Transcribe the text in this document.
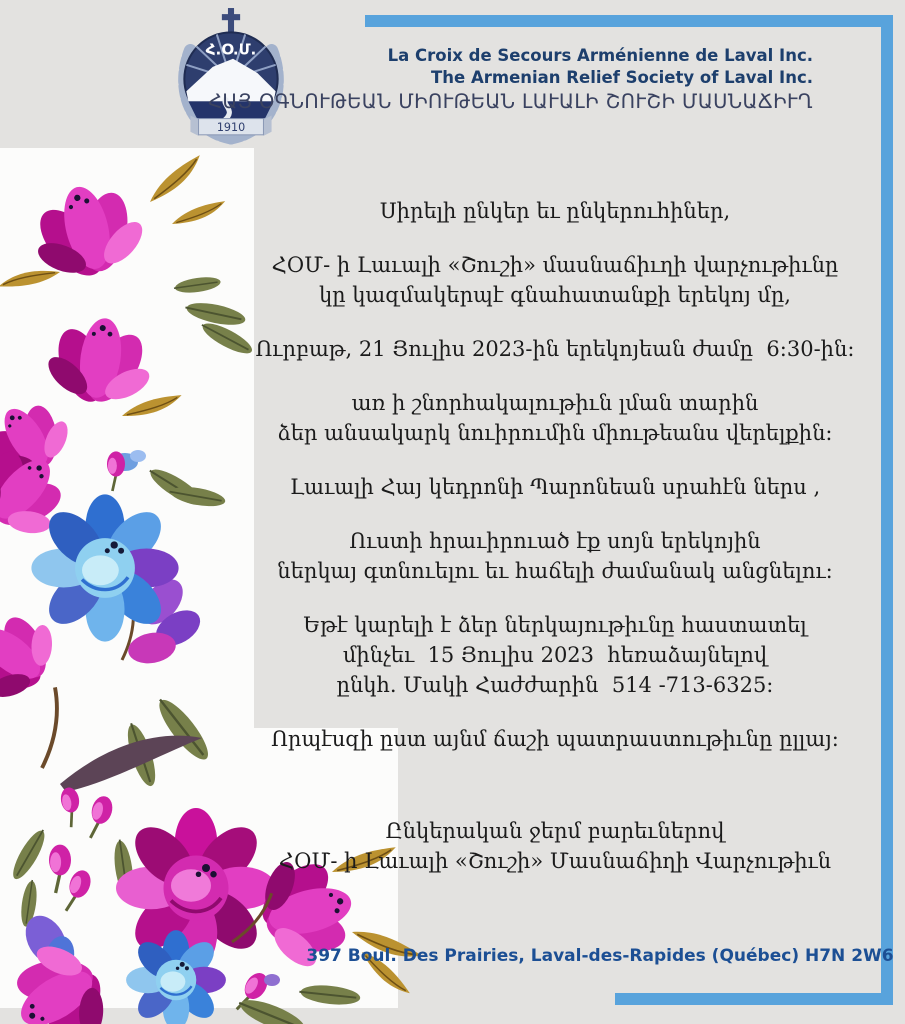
Հ.Օ.Մ.
1910
La Croix de Secours Arménienne de Laval Inc.
The Armenian Relief Society of Laval Inc.
ՀԱՅ ՕԳՆՈՒԹԵԱՆ ՄԻՈՒԹԵԱՆ ԼԱՒԱԼԻ ՇՈՒՇԻ ՄԱՍՆԱՃԻՒՂ
Սիրելի ընկեր եւ ընկերուհիներ,
ՀՕՄ- ի Լաւալի «Շուշի» մասնաճիւղի վարչութիւնը
կը կազմակերպէ գնահատանքի երեկոյ մը,
Ուրբաթ, 21 Յուլիս 2023-ին երեկոյեան ժամը  6:30-ին:
առ ի շնորհակալութիւն լման տարին
ձեր անսակարկ նուիրումին միութեանս վերելքին:
Լաւալի Հայ կեդրոնի Պարոնեան սրահէն ներս ,
Ուստի հրաւիրուած էք սոյն երեկոյին
ներկայ գտնուելու եւ հաճելի ժամանակ անցնելու:
Եթէ կարելի է ձեր ներկայութիւնը հաստատել
մինչեւ  15 Յուլիս 2023  հեռաձայնելով
ընկհ. Մակի Հաժժարին  514 -713-6325:
Որպէսզի ըստ այնմ ճաշի պատրաստութիւնը ըլլայ:
Ընկերական ջերմ բարեւներով
ՀՕՄ- ի Լաւալի «Շուշի» Մասնաճիղի Վարչութիւն
397 Boul. Des Prairies, Laval-des-Rapides (Québec) H7N 2W6
